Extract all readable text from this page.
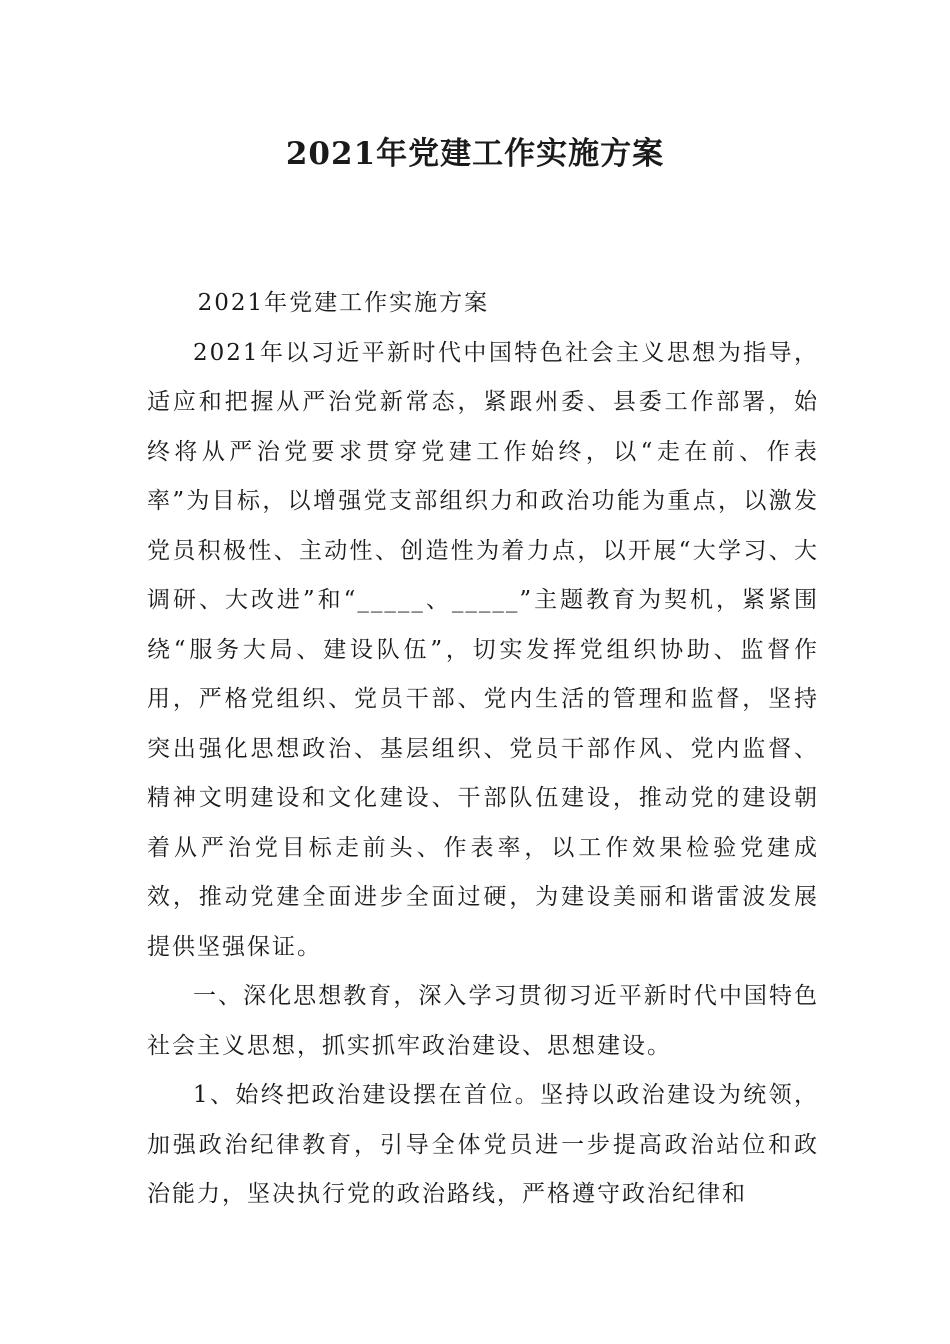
2021年党建工作实施方案

2021年党建工作实施方案

2021年以习近平新时代中国特色社会主义思想为指导，适应和把握从严治党新常态，紧跟州委、县委工作部署，始终将从严治党要求贯穿党建工作始终，以“走在前、作表率”为目标，以增强党支部组织力和政治功能为重点，以激发党员积极性、主动性、创造性为着力点，以开展“大学习、大调研、大改进”和“_____、_____”主题教育为契机，紧紧围绕“服务大局、建设队伍”，切实发挥党组织协助、监督作用，严格党组织、党员干部、党内生活的管理和监督，坚持突出强化思想政治、基层组织、党员干部作风、党内监督、精神文明建设和文化建设、干部队伍建设，推动党的建设朝着从严治党目标走前头、作表率，以工作效果检验党建成效，推动党建全面进步全面过硬，为建设美丽和谐雷波发展提供坚强保证。

一、深化思想教育，深入学习贯彻习近平新时代中国特色社会主义思想，抓实抓牢政治建设、思想建设。

1、始终把政治建设摆在首位。坚持以政治建设为统领，加强政治纪律教育，引导全体党员进一步提高政治站位和政治能力，坚决执行党的政治路线，严格遵守政治纪律和
